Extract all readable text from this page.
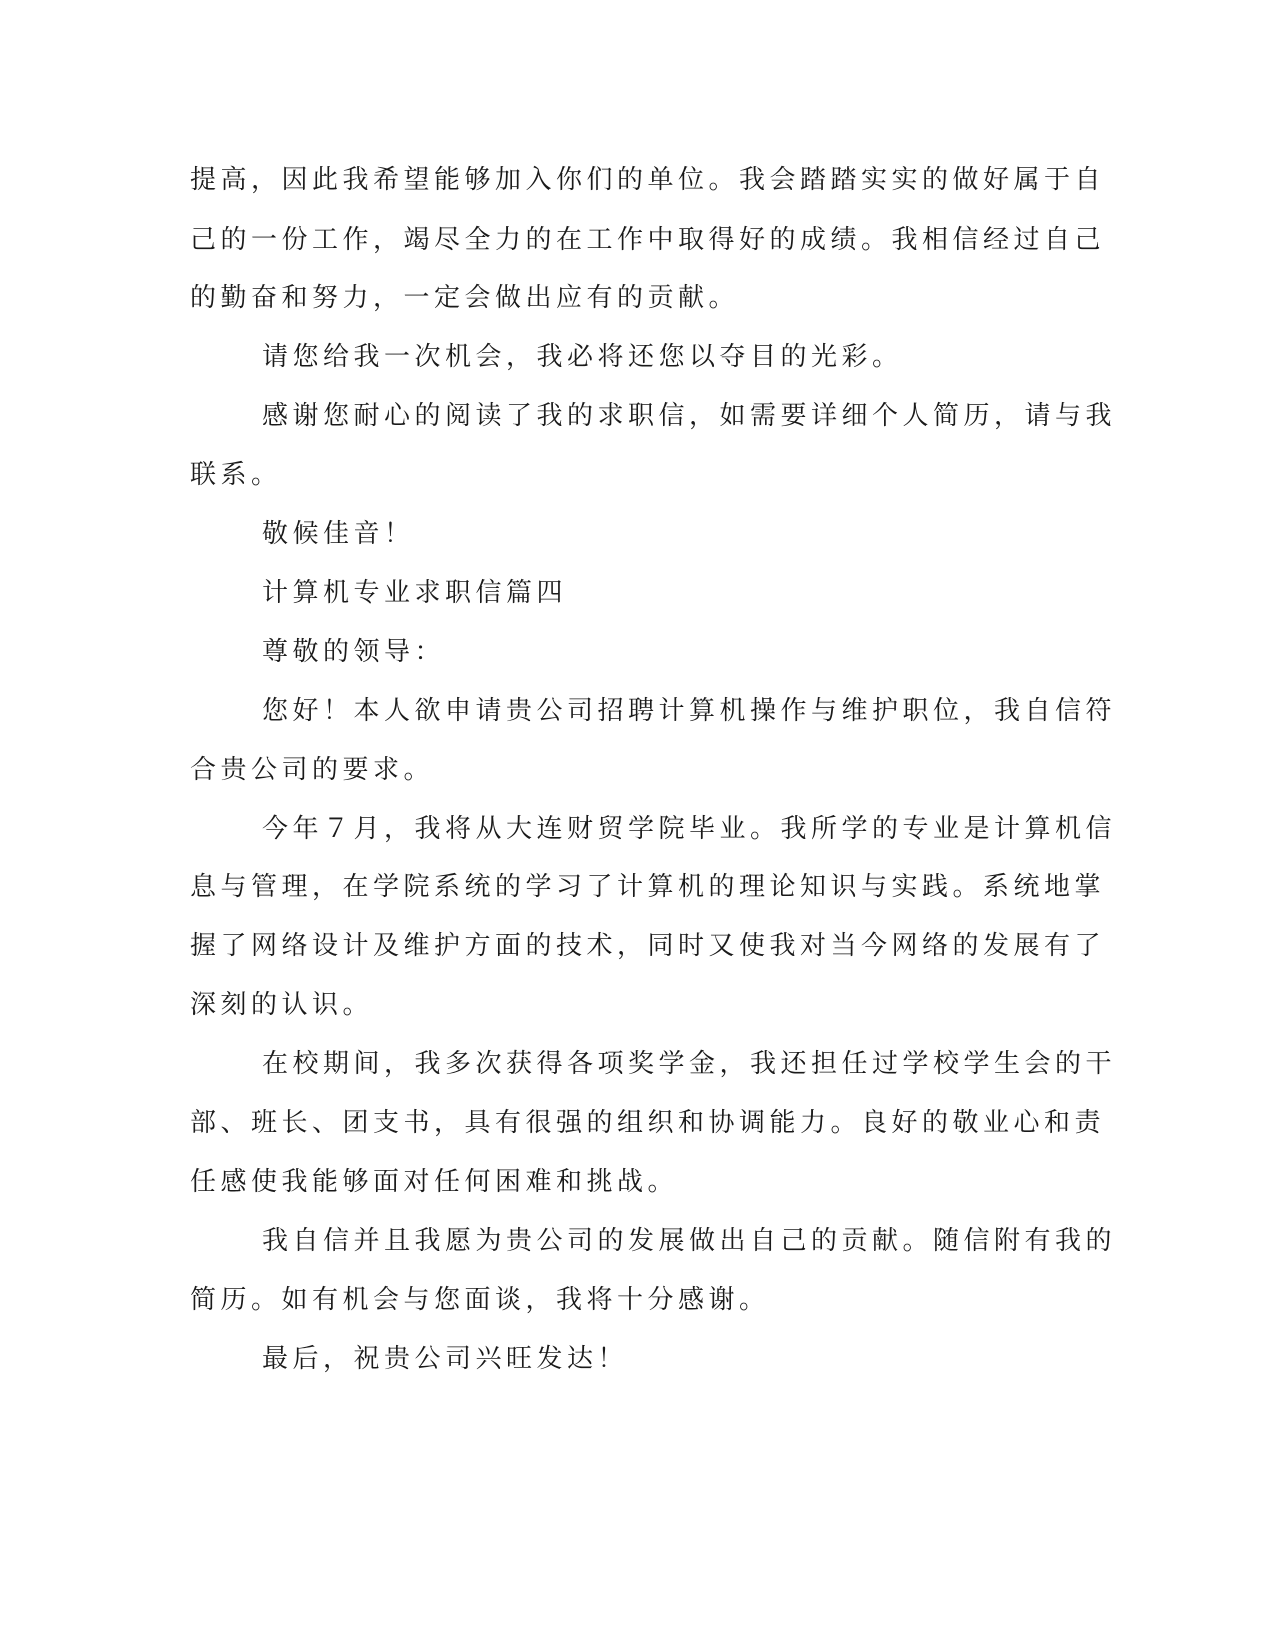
提高，因此我希望能够加入你们的单位。我会踏踏实实的做好属于自
己的一份工作，竭尽全力的在工作中取得好的成绩。我相信经过自己
的勤奋和努力，一定会做出应有的贡献。
请您给我一次机会，我必将还您以夺目的光彩。
感谢您耐心的阅读了我的求职信，如需要详细个人简历，请与我
联系。
敬候佳音！
计算机专业求职信篇四
尊敬的领导：
您好！本人欲申请贵公司招聘计算机操作与维护职位，我自信符
合贵公司的要求。
今年７月，我将从大连财贸学院毕业。我所学的专业是计算机信
息与管理，在学院系统的学习了计算机的理论知识与实践。系统地掌
握了网络设计及维护方面的技术，同时又使我对当今网络的发展有了
深刻的认识。
在校期间，我多次获得各项奖学金，我还担任过学校学生会的干
部、班长、团支书，具有很强的组织和协调能力。良好的敬业心和责
任感使我能够面对任何困难和挑战。
我自信并且我愿为贵公司的发展做出自己的贡献。随信附有我的
简历。如有机会与您面谈，我将十分感谢。
最后，祝贵公司兴旺发达！
